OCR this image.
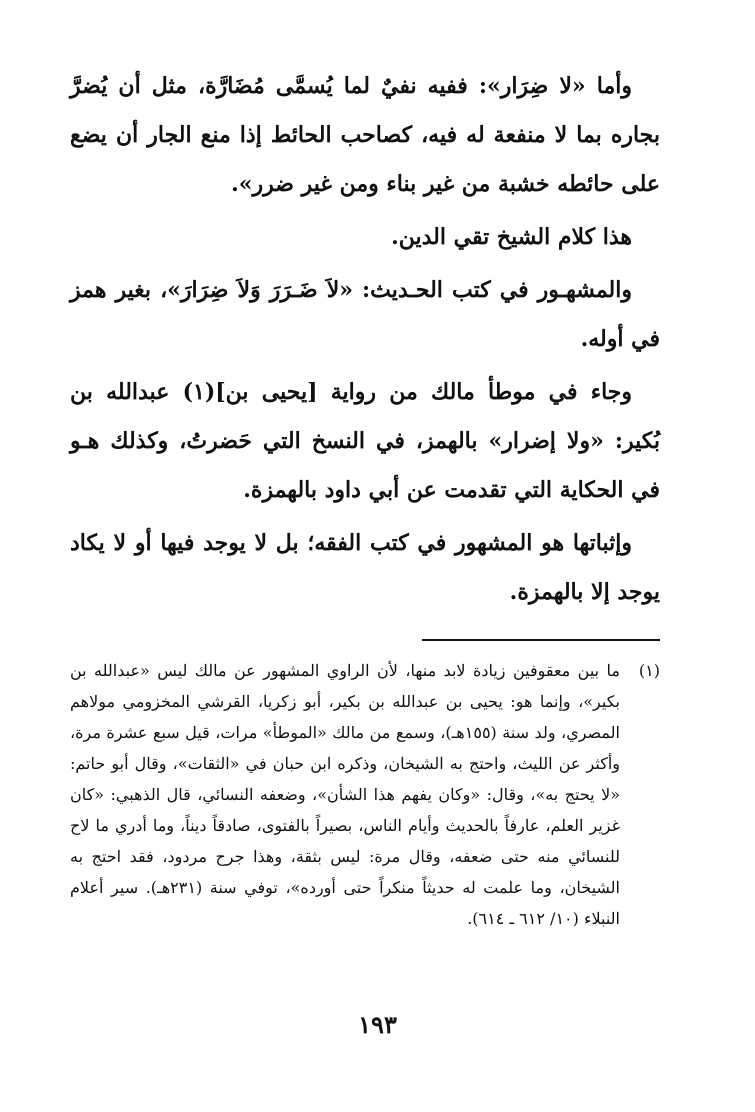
وأما «لا ضِرَار»: ففيه نفيٌ لما يُسمَّى مُضَارَّة، مثل أن يُضرَّ بجاره بما لا منفعة له فيه، كصاحب الحائط إذا منع الجار أن يضع على حائطه خشبة من غير بناء ومن غير ضرر».

هذا كلام الشيخ تقي الدين.

والمشهـور في كتب الحـديث: «لاَ ضَـرَرَ وَلاَ ضِرَارَ»، بغير همز في أوله.

وجاء في موطأ مالك من رواية [يحيى بن](١) عبدالله بن بُكير: «ولا إضرار» بالهمز، في النسخ التي حَضرتُ، وكذلك هـو في الحكاية التي تقدمت عن أبي داود بالهمزة.

وإثباتها هو المشهور في كتب الفقه؛ بل لا يوجد فيها أو لا يكاد يوجد إلا بالهمزة.

(١)
ما بين معقوفين زيادة لابد منها، لأن الراوي المشهور عن مالك ليس «عبدالله بن بكير»، وإنما هو: يحيى بن عبدالله بن بكير، أبو زكريا، القرشي المخزومي مولاهم المصري، ولد سنة (١٥٥هـ)، وسمع من مالك «الموطأ» مرات، قيل سبع عشرة مرة، وأكثر عن الليث، واحتج به الشيخان، وذكره ابن حبان في «الثقات»، وقال أبو حاتم: «لا يحتج به»، وقال: «وكان يفهم هذا الشأن»، وضعفه النسائي، قال الذهبي: «كان غزير العلم، عارفاً بالحديث وأيام الناس، بصيراً بالفتوى، صادقاً ديناً، وما أدري ما لاح للنسائي منه حتى ضعفه، وقال مرة: ليس بثقة، وهذا جرح مردود، فقد احتج به الشيخان، وما علمت له حديثاً منكراً حتى أورده»، توفي سنة (٢٣١هـ). سير أعلام النبلاء (١٠/ ٦١٢ ـ ٦١٤).
١٩٣
